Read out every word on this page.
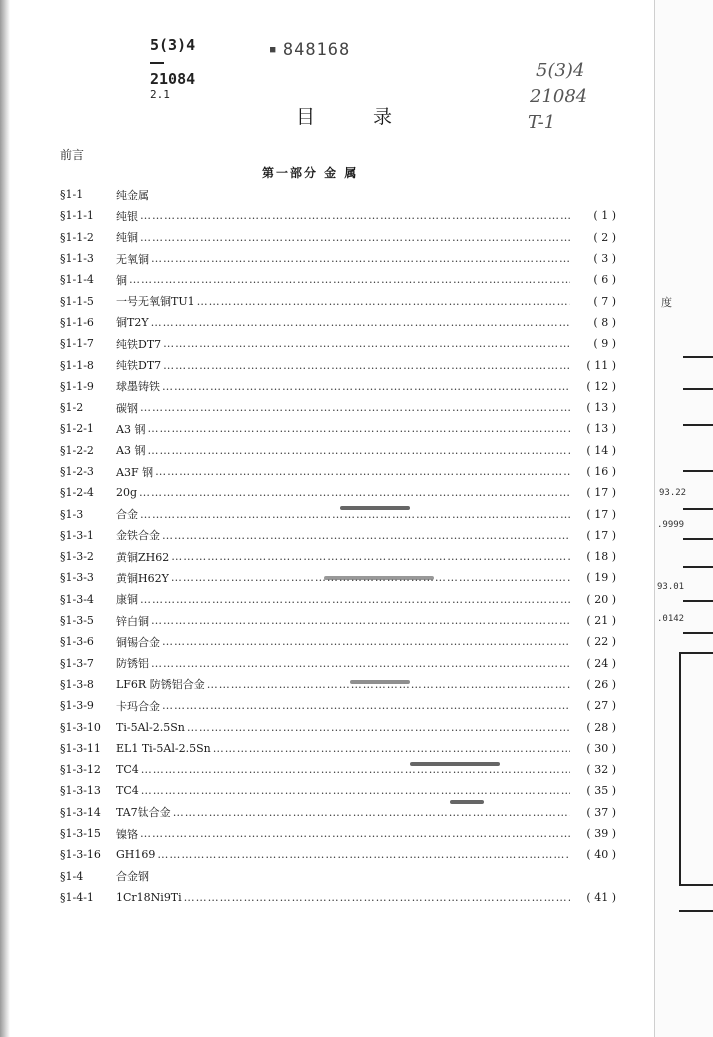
度
93.22
.9999
93.01
.0142
5(3)4
21084
2.1
■ 848168
5(3)4
21084
T-1
目录
前言
第一部分 金 属
§1-1	纯金属
§1-1-1	纯银 ……………………………………………………………………………………………………………………………	( 1 )
§1-1-2	纯铜 ……………………………………………………………………………………………………………………………	( 2 )
§1-1-3	无氧铜 ……………………………………………………………………………………………………………………………	( 3 )
§1-1-4	铜 ……………………………………………………………………………………………………………………………	( 6 )
§1-1-5	一号无氧铜TU1 ……………………………………………………………………………………………………………………………	( 7 )
§1-1-6	铜T2Y ……………………………………………………………………………………………………………………………	( 8 )
§1-1-7	纯铁DT7 ……………………………………………………………………………………………………………………………	( 9 )
§1-1-8	纯铁DT7 ……………………………………………………………………………………………………………………………	( 11 )
§1-1-9	球墨铸铁 ……………………………………………………………………………………………………………………………	( 12 )
§1-2	碳钢 ……………………………………………………………………………………………………………………………	( 13 )
§1-2-1	A3 钢 ……………………………………………………………………………………………………………………………	( 13 )
§1-2-2	A3 钢 ……………………………………………………………………………………………………………………………	( 14 )
§1-2-3	A3F 钢 ……………………………………………………………………………………………………………………………	( 16 )
§1-2-4	20g ……………………………………………………………………………………………………………………………	( 17 )
§1-3	合金 ……………………………………………………………………………………………………………………………	( 17 )
§1-3-1	金铁合金 ……………………………………………………………………………………………………………………………	( 17 )
§1-3-2	黄铜ZH62 ……………………………………………………………………………………………………………………………	( 18 )
§1-3-3	黄铜H62Y ……………………………………………………………………………………………………………………………	( 19 )
§1-3-4	康铜 ……………………………………………………………………………………………………………………………	( 20 )
§1-3-5	锌白铜 ……………………………………………………………………………………………………………………………	( 21 )
§1-3-6	铜锡合金 ……………………………………………………………………………………………………………………………	( 22 )
§1-3-7	防锈铝 ……………………………………………………………………………………………………………………………	( 24 )
§1-3-8	LF6R 防锈铝合金 ……………………………………………………………………………………………………………………………	( 26 )
§1-3-9	卡玛合金 ……………………………………………………………………………………………………………………………	( 27 )
§1-3-10	Ti-5Al-2.5Sn ……………………………………………………………………………………………………………………………	( 28 )
§1-3-11	EL1 Ti-5Al-2.5Sn ……………………………………………………………………………………………………………………………	( 30 )
§1-3-12	TC4 ……………………………………………………………………………………………………………………………	( 32 )
§1-3-13	TC4 ……………………………………………………………………………………………………………………………	( 35 )
§1-3-14	TA7钛合金 ……………………………………………………………………………………………………………………………	( 37 )
§1-3-15	镍铬 ……………………………………………………………………………………………………………………………	( 39 )
§1-3-16	GH169 ……………………………………………………………………………………………………………………………	( 40 )
§1-4	合金钢
§1-4-1	1Cr18Ni9Ti ……………………………………………………………………………………………………………………………	( 41 )
